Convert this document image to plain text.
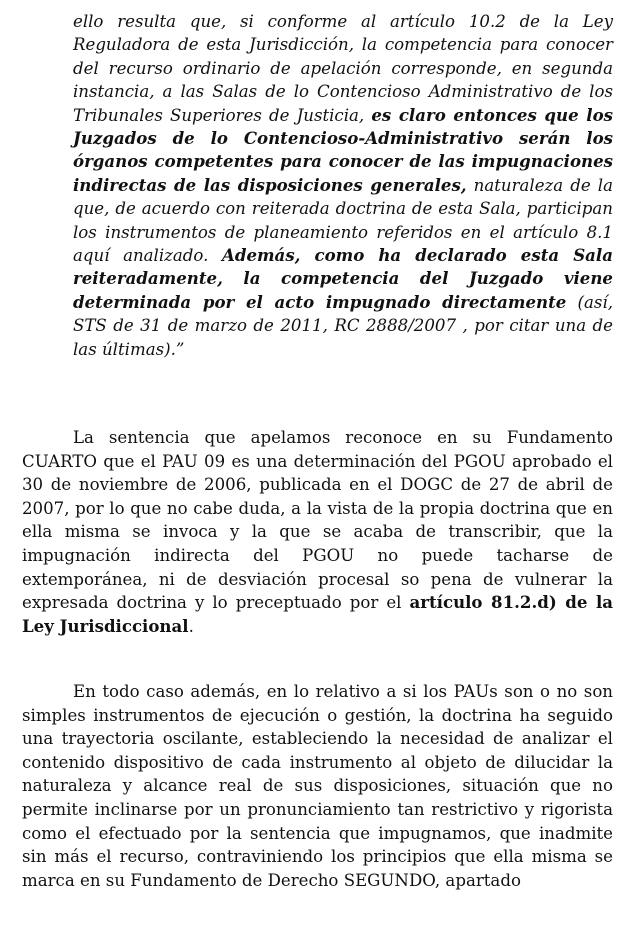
ello resulta que, si conforme al artículo 10.2 de la Ley Reguladora de esta Jurisdicción, la competencia para conocer del recurso ordinario de apelación corresponde, en segunda instancia, a las Salas de lo Contencioso Administrativo de los Tribunales Superiores de Justicia, es claro entonces que los Juzgados de lo Contencioso-Administrativo serán los órganos competentes para conocer de las impugnaciones indirectas de las disposiciones generales, naturaleza de la que, de acuerdo con reiterada doctrina de esta Sala, participan los instrumentos de planeamiento referidos en el artículo 8.1 aquí analizado. Además, como ha declarado esta Sala reiteradamente, la competencia del Juzgado viene determinada por el acto impugnado directamente (así, STS de 31 de marzo de 2011, RC 2888/2007 , por citar una de las últimas).”

La sentencia que apelamos reconoce en su Fundamento CUARTO que el PAU 09 es una determinación del PGOU aprobado el 30 de noviembre de 2006, publicada en el DOGC de 27 de abril de 2007, por lo que no cabe duda, a la vista de la propia doctrina que en ella misma se invoca y la que se acaba de transcribir, que la impugnación indirecta del PGOU no puede tacharse de extemporánea, ni de desviación procesal so pena de vulnerar la expresada doctrina y lo preceptuado por el artículo 81.2.d) de la Ley Jurisdiccional.

En todo caso además, en lo relativo a si los PAUs son o no son simples instrumentos de ejecución o gestión, la doctrina ha seguido una trayectoria oscilante, estableciendo la necesidad de analizar el contenido dispositivo de cada instrumento al objeto de dilucidar la naturaleza y alcance real de sus disposiciones, situación que no permite inclinarse por un pronunciamiento tan restrictivo y rigorista como el efectuado por la sentencia que impugnamos, que inadmite sin más el recurso, contraviniendo los principios que ella misma se marca en su Fundamento de Derecho SEGUNDO, apartado
